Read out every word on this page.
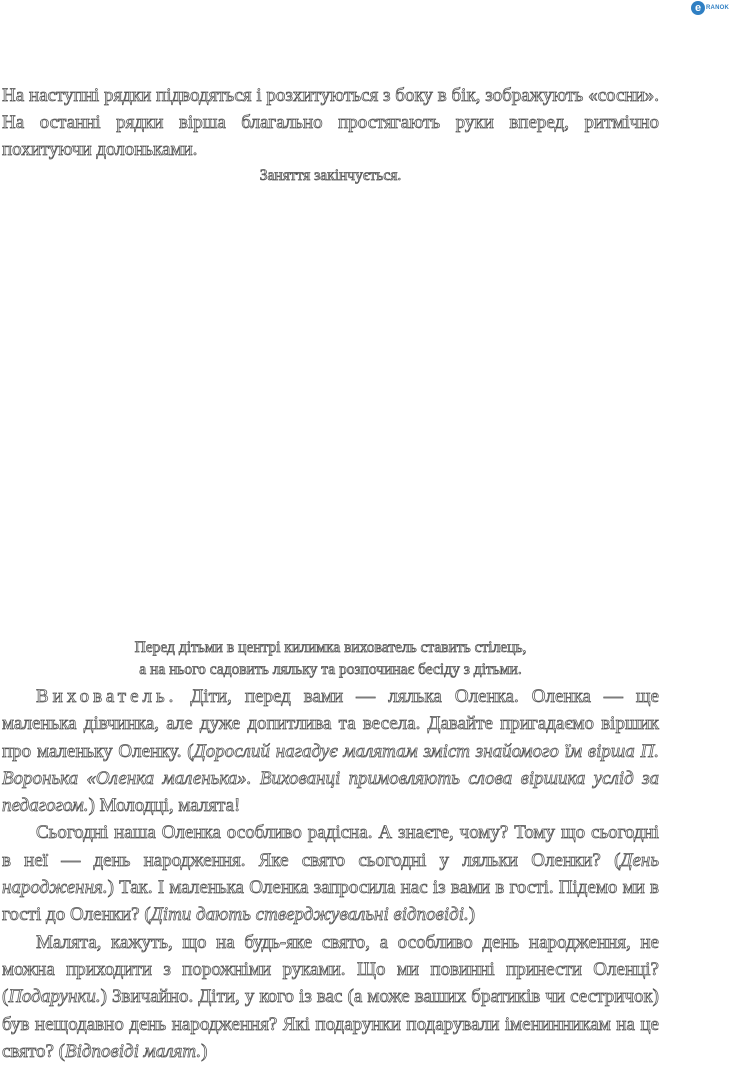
e RANOK

На наступні рядки підводяться і розхитуються з боку в бік, зображують «сосни». На останні рядки вірша благально простягають руки вперед, ритмічно похитуючи долоньками.

Заняття закінчується.
Перед дітьми в центрі килимка вихователь ставить стілець,
а на нього садовить ляльку та розпочинає бесіду з дітьми.

Вихователь. Діти, перед вами — лялька Оленка. Оленка — ще маленька дівчинка, але дуже допитлива та весела. Давайте пригадаємо віршик про маленьку Оленку. (Дорослий нагадує малятам зміст знайомого їм вірша П. Воронька «Оленка маленька». Вихованці примовляють слова віршика услід за педагогом.) Молодці, малята!

Сьогодні наша Оленка особливо радісна. А знаєте, чому? Тому що сьогодні в неї — день народження. Яке свято сьогодні у ляльки Оленки? (День народження.) Так. І маленька Оленка запросила нас із вами в гості. Підемо ми в гості до Оленки? (Діти дають стверджувальні відповіді.)

Малята, кажуть, що на будь-яке свято, а особливо день народження, не можна приходити з порожніми руками. Що ми повинні принести Оленці? (Подарунки.) Звичайно. Діти, у кого із вас (а може ваших братиків чи сестричок) був нещодавно день народження? Які подарунки подарували іменинникам на це свято? (Відповіді малят.)
